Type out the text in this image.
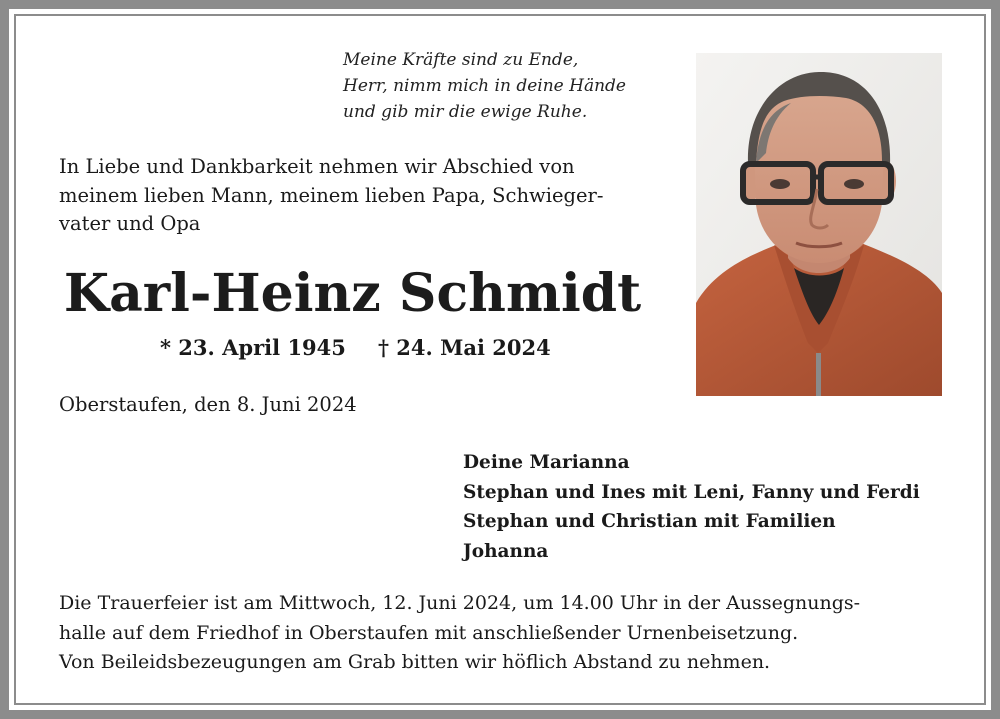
Meine Kräfte sind zu Ende,
Herr, nimm mich in deine Hände
und gib mir die ewige Ruhe.
In Liebe und Dankbarkeit nehmen wir Abschied von
meinem lieben Mann, meinem lieben Papa, Schwieger-
vater und Opa
Karl-Heinz Schmidt
* 23. April 1945 † 24. Mai 2024
Oberstaufen, den 8. Juni 2024
Deine Marianna
Stephan und Ines mit Leni, Fanny und Ferdi
Stephan und Christian mit Familien
Johanna
Die Trauerfeier ist am Mittwoch, 12. Juni 2024, um 14.00 Uhr in der Aussegnungs-
halle auf dem Friedhof in Oberstaufen mit anschließender Urnenbeisetzung.
Von Beileidsbezeugungen am Grab bitten wir höflich Abstand zu nehmen.
